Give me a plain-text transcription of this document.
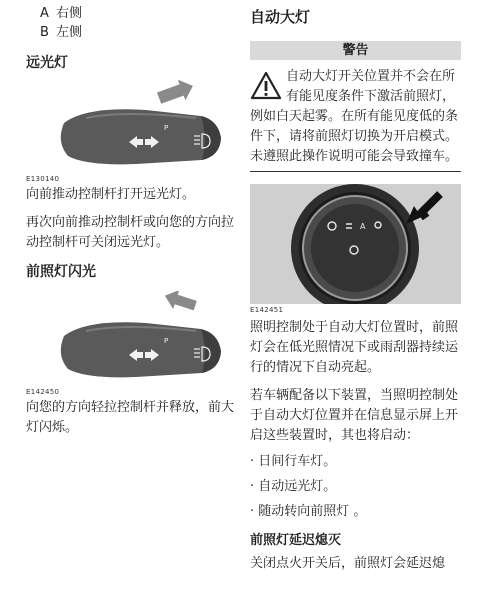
A 右侧

B 左侧

远光灯

P

E130140

向前推动控制杆打开远光灯。

再次向前推动控制杆或向您的方向拉动控制杆可关闭远光灯。

前照灯闪光

P

E142450

向您的方向轻拉控制杆并释放，前大灯闪烁。

自动大灯

警告
自动大灯开关位置并不会在所有能见度条件下激活前照灯，例如白天起雾。在所有能见度低的条件下，请将前照灯切换为开启模式。未遵照此操作说明可能会导致撞车。
A

E142451

照明控制处于自动大灯位置时，前照灯会在低光照情况下或雨刮器持续运行的情况下自动亮起。

若车辆配备以下装置，当照明控制处于自动大灯位置并在信息显示屏上开启这些装置时，其也将启动：

· 日间行车灯。

· 自动远光灯。

· 随动转向前照灯 。

前照灯延迟熄灭

关闭点火开关后，前照灯会延迟熄
